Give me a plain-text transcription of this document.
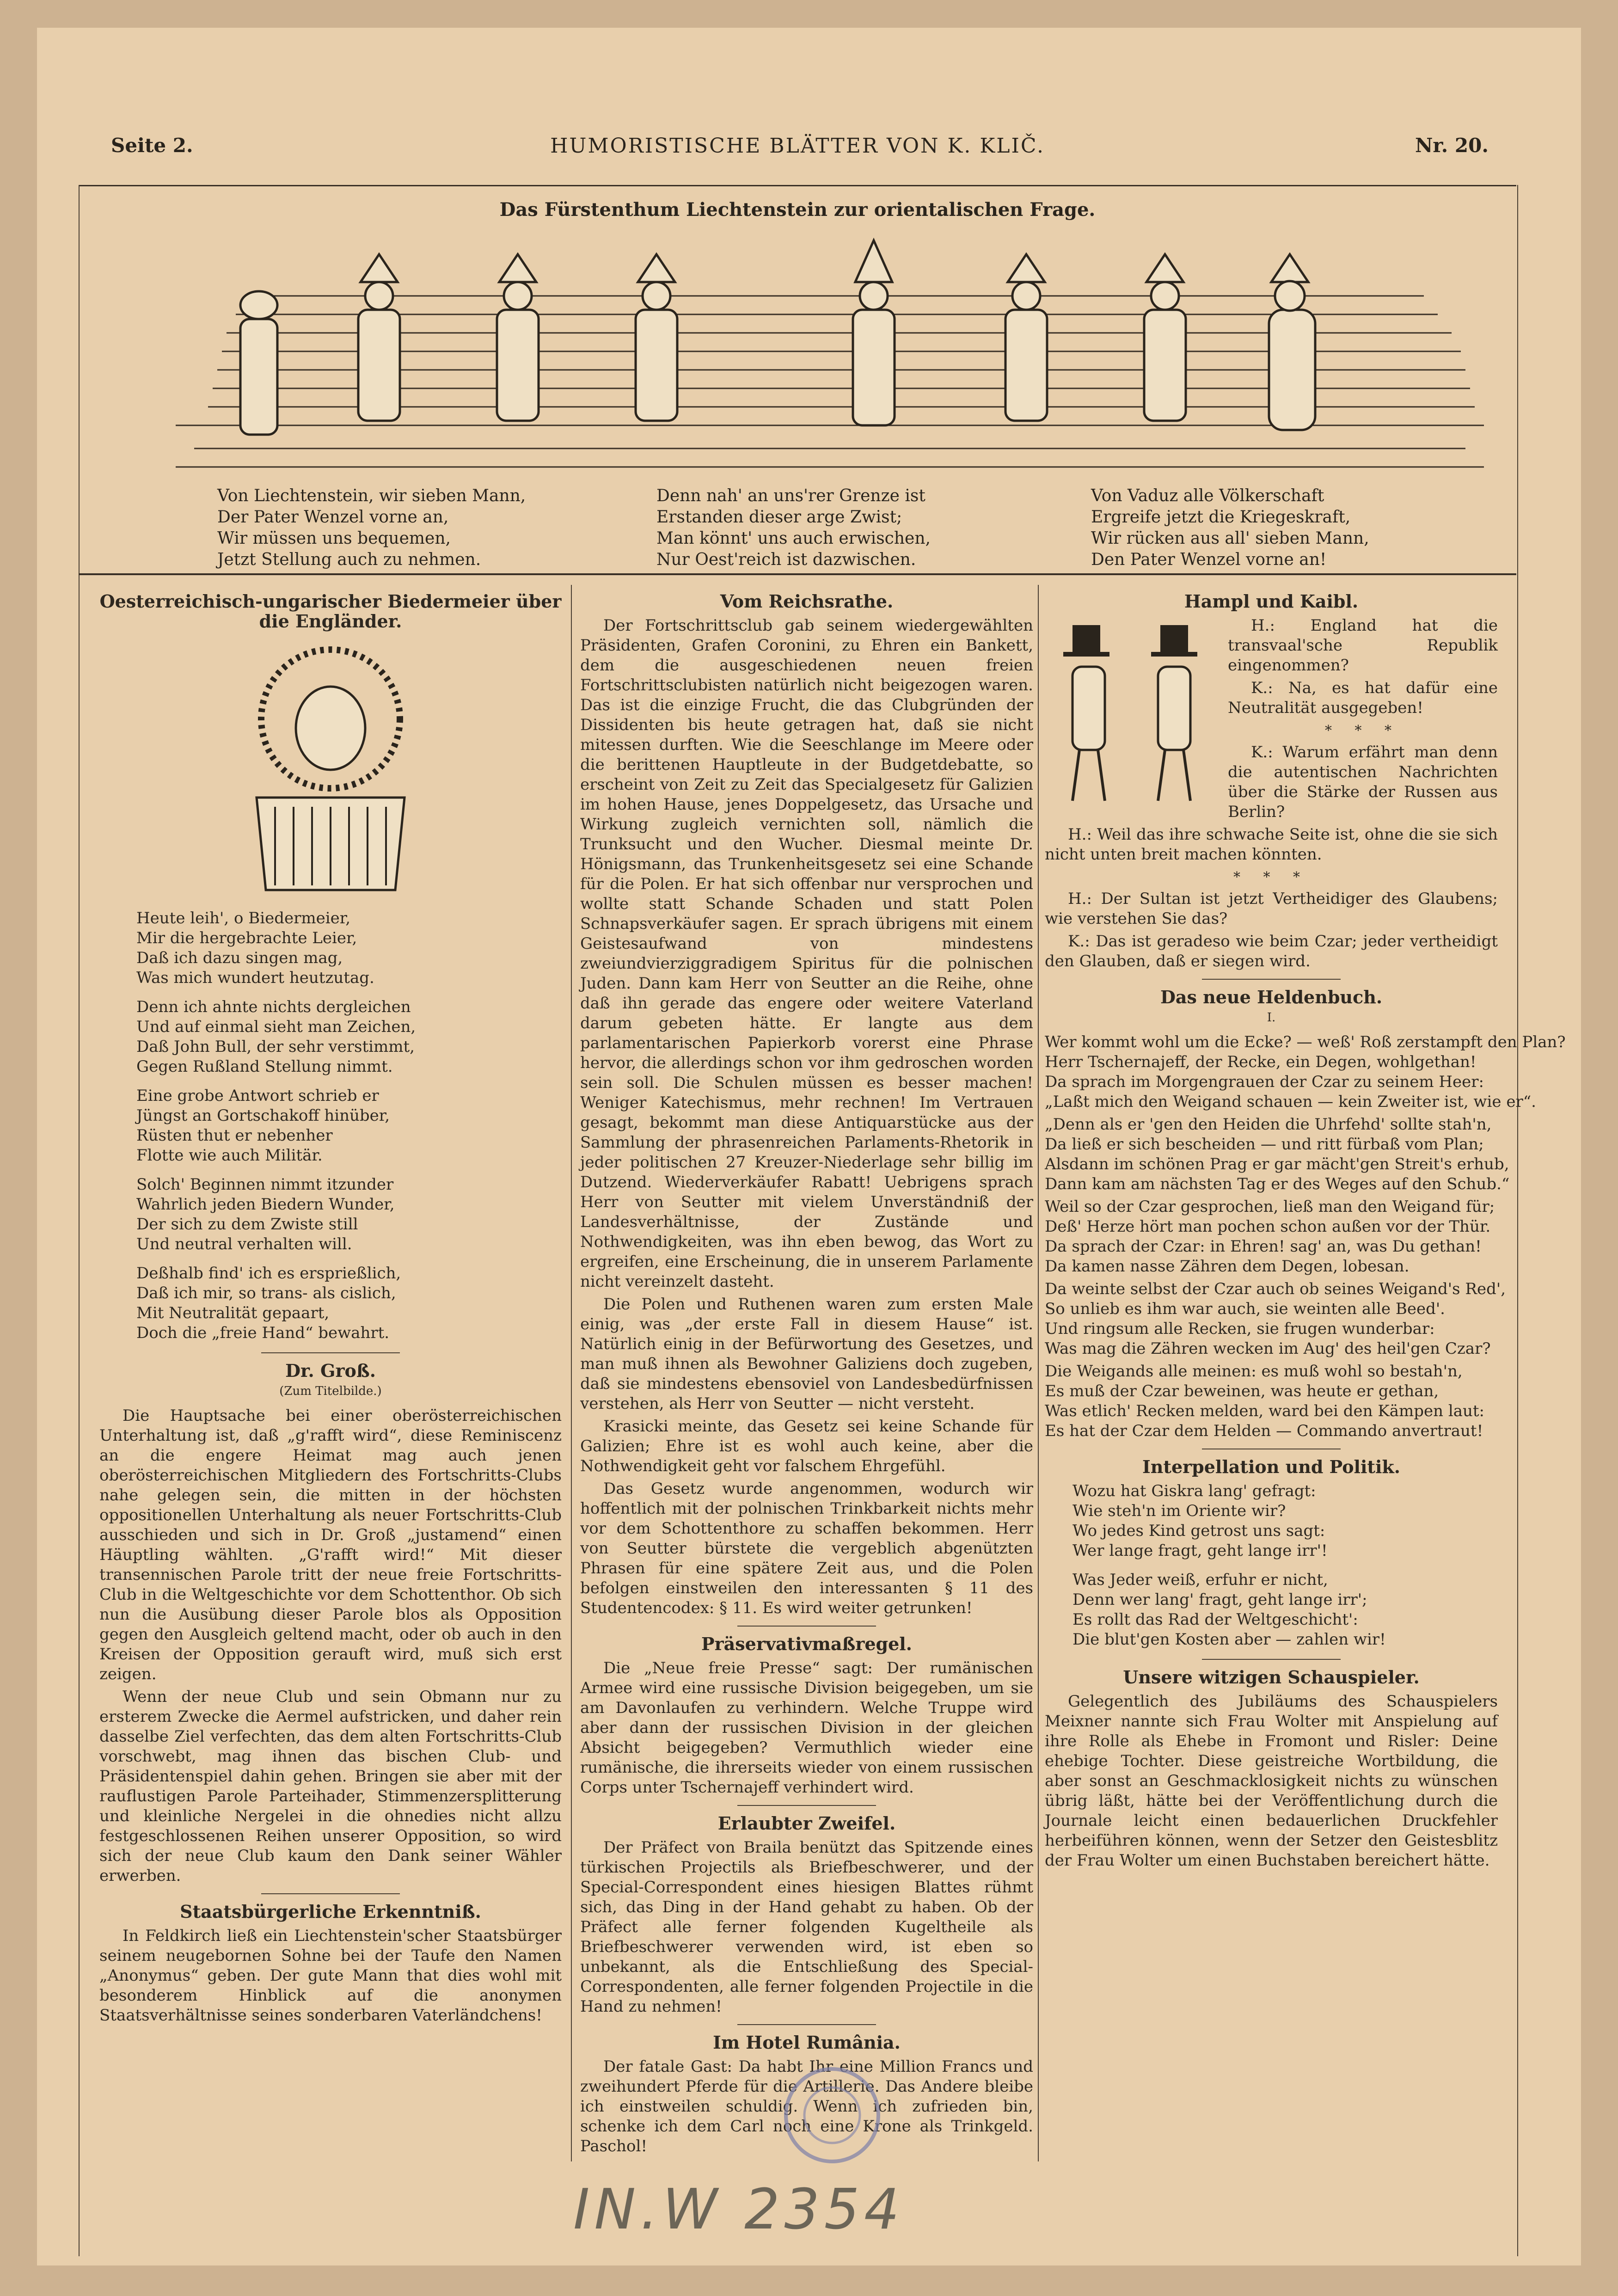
Seite 2.	HUMORISTISCHE BLÄTTER VON K. KLIČ.	Nr. 20.
Das Fürstenthum Liechtenstein zur orientalischen Frage.
Von Liechtenstein, wir sieben Mann,
Der Pater Wenzel vorne an,
Wir müssen uns bequemen,
Jetzt Stellung auch zu nehmen.
Denn nah' an uns'rer Grenze ist
Erstanden dieser arge Zwist;
Man könnt' uns auch erwischen,
Nur Oest'reich ist dazwischen.
Von Vaduz alle Völkerschaft
Ergreife jetzt die Kriegeskraft,
Wir rücken aus all' sieben Mann,
Den Pater Wenzel vorne an!
Oesterreichisch-ungarischer Biedermeier über die Engländer.
Heute leih', o Biedermeier,
Mir die hergebrachte Leier,
Daß ich dazu singen mag,
Was mich wundert heutzutag.
Denn ich ahnte nichts dergleichen
Und auf einmal sieht man Zeichen,
Daß John Bull, der sehr verstimmt,
Gegen Rußland Stellung nimmt.
Eine grobe Antwort schrieb er
Jüngst an Gortschakoff hinüber,
Rüsten thut er nebenher
Flotte wie auch Militär.
Solch' Beginnen nimmt itzunder
Wahrlich jeden Biedern Wunder,
Der sich zu dem Zwiste still
Und neutral verhalten will.
Deßhalb find' ich es ersprießlich,
Daß ich mir, so trans- als cislich,
Mit Neutralität gepaart,
Doch die „freie Hand“ bewahrt.
Dr. Groß.
(Zum Titelbilde.)

Die Hauptsache bei einer oberösterreichischen Unterhaltung ist, daß „g'rafft wird“, diese Reminiscenz an die engere Heimat mag auch jenen oberösterreichischen Mitgliedern des Fortschritts-Clubs nahe gelegen sein, die mitten in der höchsten oppositionellen Unterhaltung als neuer Fortschritts-Club ausschieden und sich in Dr. Groß „justamend“ einen Häuptling wählten. „G'rafft wird!“ Mit dieser transennischen Parole tritt der neue freie Fortschritts-Club in die Weltgeschichte vor dem Schottenthor. Ob sich nun die Ausübung dieser Parole blos als Opposition gegen den Ausgleich geltend macht, oder ob auch in den Kreisen der Opposition gerauft wird, muß sich erst zeigen.

Wenn der neue Club und sein Obmann nur zu ersterem Zwecke die Aermel aufstricken, und daher rein dasselbe Ziel verfechten, das dem alten Fortschritts-Club vorschwebt, mag ihnen das bischen Club- und Präsidentenspiel dahin gehen. Bringen sie aber mit der rauflustigen Parole Parteihader, Stimmenzersplitterung und kleinliche Nergelei in die ohnedies nicht allzu festgeschlossenen Reihen unserer Opposition, so wird sich der neue Club kaum den Dank seiner Wähler erwerben.

Staatsbürgerliche Erkenntniß.

In Feldkirch ließ ein Liechtenstein'scher Staatsbürger seinem neugebornen Sohne bei der Taufe den Namen „Anonymus“ geben. Der gute Mann that dies wohl mit besonderem Hinblick auf die anonymen Staatsverhältnisse seines sonderbaren Vaterländchens!

Vom Reichsrathe.

Der Fortschrittsclub gab seinem wiedergewählten Präsidenten, Grafen Coronini, zu Ehren ein Bankett, dem die ausgeschiedenen neuen freien Fortschrittsclubisten natürlich nicht beigezogen waren. Das ist die einzige Frucht, die das Clubgründen der Dissidenten bis heute getragen hat, daß sie nicht mitessen durften. Wie die Seeschlange im Meere oder die berittenen Hauptleute in der Budgetdebatte, so erscheint von Zeit zu Zeit das Specialgesetz für Galizien im hohen Hause, jenes Doppelgesetz, das Ursache und Wirkung zugleich vernichten soll, nämlich die Trunksucht und den Wucher. Diesmal meinte Dr. Hönigsmann, das Trunkenheitsgesetz sei eine Schande für die Polen. Er hat sich offenbar nur versprochen und wollte statt Schande Schaden und statt Polen Schnapsverkäufer sagen. Er sprach übrigens mit einem Geistesaufwand von mindestens zweiundvierziggradigem Spiritus für die polnischen Juden. Dann kam Herr von Seutter an die Reihe, ohne daß ihn gerade das engere oder weitere Vaterland darum gebeten hätte. Er langte aus dem parlamentarischen Papierkorb vorerst eine Phrase hervor, die allerdings schon vor ihm gedroschen worden sein soll. Die Schulen müssen es besser machen! Weniger Katechismus, mehr rechnen! Im Vertrauen gesagt, bekommt man diese Antiquarstücke aus der Sammlung der phrasenreichen Parlaments-Rhetorik in jeder politischen 27 Kreuzer-Niederlage sehr billig im Dutzend. Wiederverkäufer Rabatt! Uebrigens sprach Herr von Seutter mit vielem Unverständniß der Landesverhältnisse, der Zustände und Nothwendigkeiten, was ihn eben bewog, das Wort zu ergreifen, eine Erscheinung, die in unserem Parlamente nicht vereinzelt dasteht.

Die Polen und Ruthenen waren zum ersten Male einig, was „der erste Fall in diesem Hause“ ist. Natürlich einig in der Befürwortung des Gesetzes, und man muß ihnen als Bewohner Galiziens doch zugeben, daß sie mindestens ebensoviel von Landesbedürfnissen verstehen, als Herr von Seutter — nicht versteht.

Krasicki meinte, das Gesetz sei keine Schande für Galizien; Ehre ist es wohl auch keine, aber die Nothwendigkeit geht vor falschem Ehrgefühl.

Das Gesetz wurde angenommen, wodurch wir hoffentlich mit der polnischen Trinkbarkeit nichts mehr vor dem Schottenthore zu schaffen bekommen. Herr von Seutter bürstete die vergeblich abgenützten Phrasen für eine spätere Zeit aus, und die Polen befolgen einstweilen den interessanten § 11 des Studentencodex: § 11. Es wird weiter getrunken!

Präservativmaßregel.

Die „Neue freie Presse“ sagt: Der rumänischen Armee wird eine russische Division beigegeben, um sie am Davonlaufen zu verhindern. Welche Truppe wird aber dann der russischen Division in der gleichen Absicht beigegeben? Vermuthlich wieder eine rumänische, die ihrerseits wieder von einem russischen Corps unter Tschernajeff verhindert wird.

Erlaubter Zweifel.

Der Präfect von Braila benützt das Spitzende eines türkischen Projectils als Briefbeschwerer, und der Special-Correspondent eines hiesigen Blattes rühmt sich, das Ding in der Hand gehabt zu haben. Ob der Präfect alle ferner folgenden Kugeltheile als Briefbeschwerer verwenden wird, ist eben so unbekannt, als die Entschließung des Special-Correspondenten, alle ferner folgenden Projectile in die Hand zu nehmen!

Im Hotel Rumânia.

Der fatale Gast: Da habt Ihr eine Million Francs und zweihundert Pferde für die Artillerie. Das Andere bleibe ich einstweilen schuldig. Wenn ich zufrieden bin, schenke ich dem Carl noch eine Krone als Trinkgeld. Paschol!

Hampl und Kaibl.

H.: England hat die transvaal'sche Republik eingenommen?

K.: Na, es hat dafür eine Neutralität ausgegeben!

* * *

K.: Warum erfährt man denn die autentischen Nachrichten über die Stärke der Russen aus Berlin?

H.: Weil das ihre schwache Seite ist, ohne die sie sich nicht unten breit machen könnten.

* * *

H.: Der Sultan ist jetzt Vertheidiger des Glaubens; wie verstehen Sie das?

K.: Das ist geradeso wie beim Czar; jeder vertheidigt den Glauben, daß er siegen wird.

Das neue Heldenbuch.
I.
Wer kommt wohl um die Ecke? — weß' Roß zerstampft
Herr Tschernajeff, der Recke, ein Degen, wohlgethan!
Da sprach im Morgengrauen der Czar zu seinem Heer:
„Laßt mich den Weigand schauen — kein Zweiter ist, wie
„Denn als er 'gen den Heiden die Uhrfehd' sollte stah'n,
Da ließ er sich bescheiden — und ritt fürbaß vom Plan;
Alsdann im schönen Prag er gar mächt'gen Streit's erhub,
Dann kam am nächsten Tag er des Weges auf den Schub.“
Weil so der Czar gesprochen, ließ man den Weigand für;
Deß' Herze hört man pochen schon außen vor der Thür.
Da sprach der Czar: in Ehren! sag' an, was Du gethan!
Da kamen nasse Zähren dem Degen, lobesan.
Da weinte selbst der Czar auch ob seines Weigand's Red',
So unlieb es ihm war auch, sie weinten alle Beed'.
Und ringsum alle Recken, sie frugen wunderbar:
Was mag die Zähren wecken im Aug' des heil'gen Czar?
Die Weigands alle meinen: es muß wohl so bestah'n,
Es muß der Czar beweinen, was heute er gethan,
Was etlich' Recken melden, ward bei den Kämpen laut:
Es hat der Czar dem Helden — Commando anvertraut!
Interpellation und Politik.
Wozu hat Giskra lang' gefragt:
Wie steh'n im Oriente wir?
Wo jedes Kind getrost uns sagt:
Wer lange fragt, geht lange irr'!
Was Jeder weiß, erfuhr er nicht,
Denn wer lang' fragt, geht lange irr';
Es rollt das Rad der Weltgeschicht':
Die blut'gen Kosten aber — zahlen wir!
Unsere witzigen Schauspieler.

Gelegentlich des Jubiläums des Schauspielers Meixner nannte sich Frau Wolter mit Anspielung auf ihre Rolle als Ehebe in Fromont und Risler: Deine ehebige Tochter. Diese geistreiche Wortbildung, die aber sonst an Geschmacklosigkeit nichts zu wünschen übrig läßt, hätte bei der Veröffentlichung durch die Journale leicht einen bedauerlichen Druckfehler herbeiführen können, wenn der Setzer den Geistesblitz der Frau Wolter um einen Buchstaben bereichert hätte.

IN.W 2354
